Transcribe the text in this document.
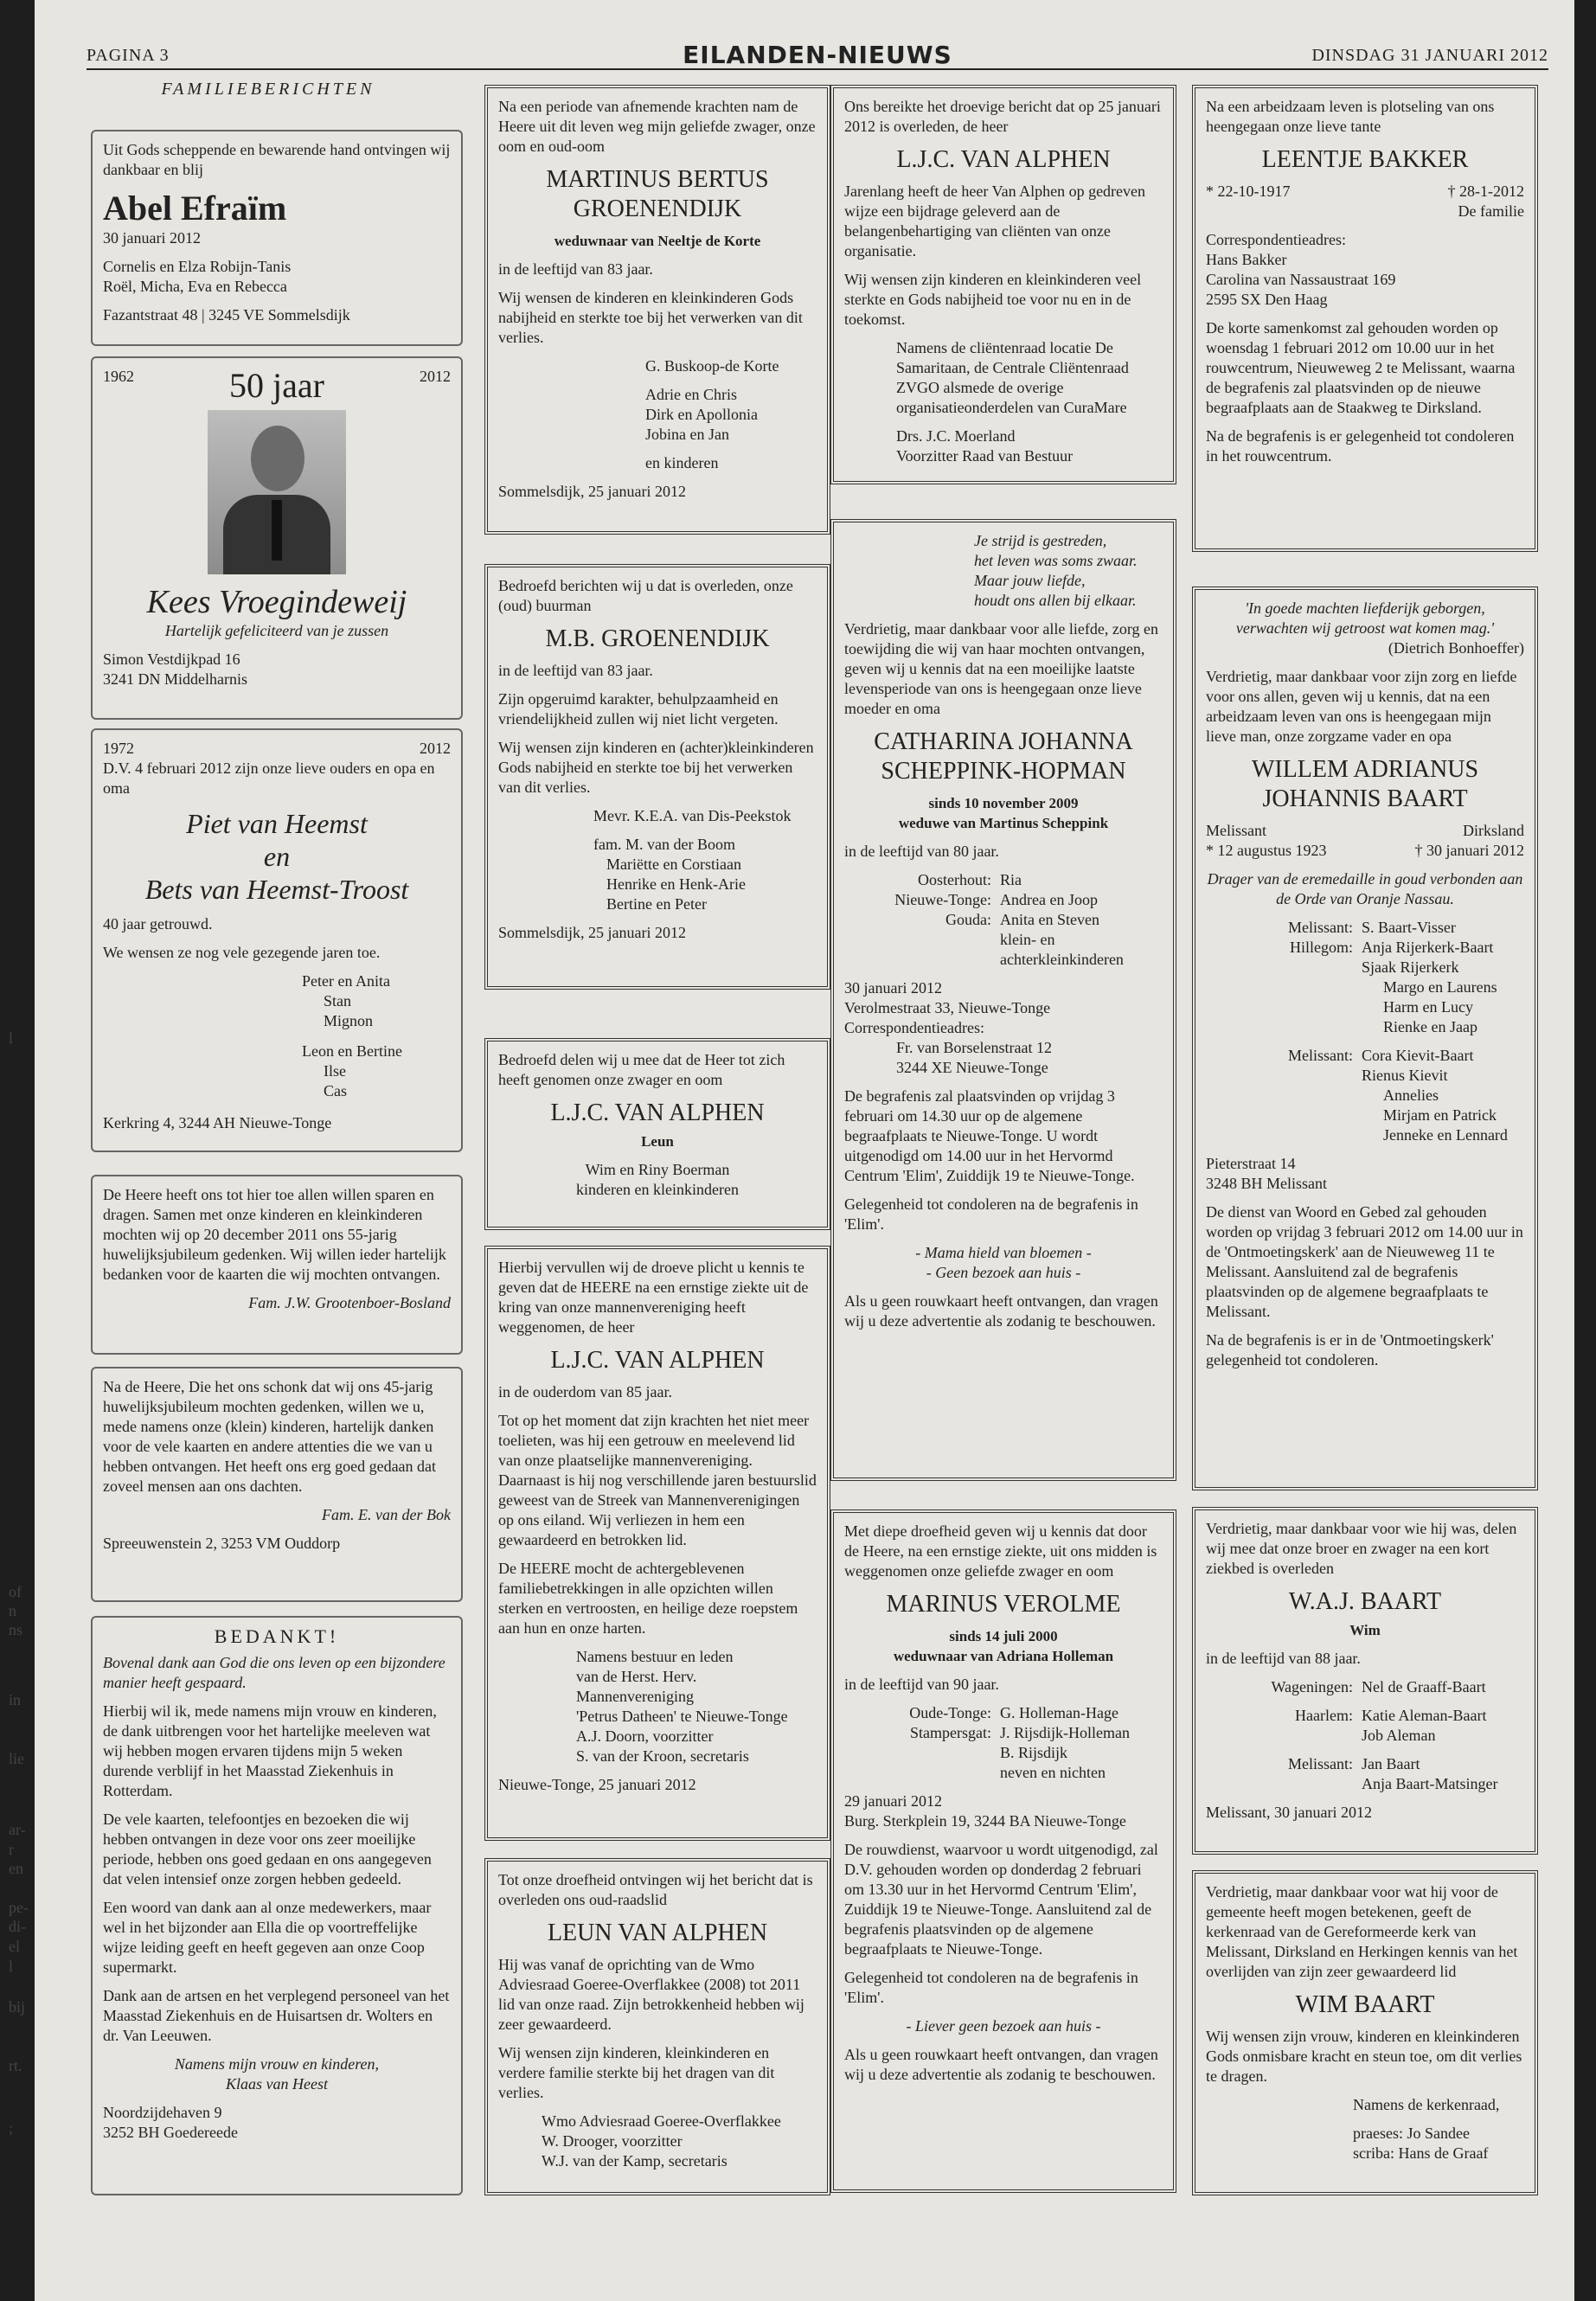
PAGINA 3	EILANDEN-NIEUWS	DINSDAG 31 JANUARI 2012
FAMILIEBERICHTEN

Uit Gods scheppende en bewarende hand ontvingen wij dankbaar en blij

Abel Efraïm

30 januari 2012

Cornelis en Elza Robijn-Tanis

Roël, Micha, Eva en Rebecca

Fazantstraat 48 | 3245 VE Sommelsdijk
1962	50 jaar	2012
Kees Vroegindeweij

Hartelijk gefeliciteerd van je zussen

Simon Vestdijkpad 16
3241 DN Middelharnis
1972	2012

D.V. 4 februari 2012 zijn onze lieve ouders en opa en oma

Piet van Heemst
en
Bets van Heemst-Troost

40 jaar getrouwd.

We wensen ze nog vele gezegende jaren toe.

Peter en Anita
Stan
Mignon
Leon en Bertine
Ilse
Cas
Kerkring 4, 3244 AH Nieuwe-Tonge

De Heere heeft ons tot hier toe allen willen sparen en dragen. Samen met onze kinderen en kleinkinderen mochten wij op 20 december 2011 ons 55-jarig huwelijksjubileum gedenken. Wij willen ieder hartelijk bedanken voor de kaarten die wij mochten ontvangen.

Fam. J.W. Grootenboer-Bosland

Na de Heere, Die het ons schonk dat wij ons 45-jarig huwelijksjubileum mochten gedenken, willen we u, mede namens onze (klein) kinderen, hartelijk danken voor de vele kaarten en andere attenties die we van u hebben ontvangen. Het heeft ons erg goed gedaan dat zoveel mensen aan ons dachten.

Fam. E. van der Bok

Spreeuwenstein 2, 3253 VM Ouddorp
BEDANKT!

Bovenal dank aan God die ons leven op een bijzondere manier heeft gespaard.

Hierbij wil ik, mede namens mijn vrouw en kinderen, de dank uitbrengen voor het hartelijke meeleven wat wij hebben mogen ervaren tijdens mijn 5 weken durende verblijf in het Maasstad Ziekenhuis in Rotterdam.

De vele kaarten, telefoontjes en bezoeken die wij hebben ontvangen in deze voor ons zeer moeilijke periode, hebben ons goed gedaan en ons aangegeven dat velen intensief onze zorgen hebben gedeeld.

Een woord van dank aan al onze medewerkers, maar wel in het bijzonder aan Ella die op voortreffelijke wijze leiding geeft en heeft gegeven aan onze Coop supermarkt.

Dank aan de artsen en het verplegend personeel van het Maasstad Ziekenhuis en de Huisartsen dr. Wolters en dr. Van Leeuwen.

Namens mijn vrouw en kinderen,

Klaas van Heest

Noordzijdehaven 9
3252 BH Goedereede

Na een periode van afnemende krachten nam de Heere uit dit leven weg mijn geliefde zwager, onze oom en oud-oom

MARTINUS BERTUS GROENENDIJK

weduwnaar van Neeltje de Korte

in de leeftijd van 83 jaar.

Wij wensen de kinderen en kleinkinderen Gods nabijheid en sterkte toe bij het verwerken van dit verlies.

G. Buskoop-de Korte

Adrie en Chris
Dirk en Apollonia

Jobina en Jan

en kinderen

Sommelsdijk, 25 januari 2012

Bedroefd berichten wij u dat is overleden, onze (oud) buurman

M.B. GROENENDIJK

in de leeftijd van 83 jaar.

Zijn opgeruimd karakter, behulpzaamheid en vriendelijkheid zullen wij niet licht vergeten.

Wij wensen zijn kinderen en (achter)kleinkinderen Gods nabijheid en sterkte toe bij het verwerken van dit verlies.

Mevr. K.E.A. van Dis-Peekstok

fam. M. van der Boom
Mariëtte en Corstiaan
Henrike en Henk-Arie

Bertine en Peter

Sommelsdijk, 25 januari 2012

Bedroefd delen wij u mee dat de Heer tot zich heeft genomen onze zwager en oom

L.J.C. VAN ALPHEN

Leun

Wim en Riny Boerman
kinderen en kleinkinderen

Hierbij vervullen wij de droeve plicht u kennis te geven dat de HEERE na een ernstige ziekte uit de kring van onze mannenvereniging heeft weggenomen, de heer

L.J.C. VAN ALPHEN

in de ouderdom van 85 jaar.

Tot op het moment dat zijn krachten het niet meer toelieten, was hij een getrouw en meelevend lid van onze plaatselijke mannenvereniging. Daarnaast is hij nog verschillende jaren bestuurslid geweest van de Streek van Mannenverenigingen op ons eiland. Wij verliezen in hem een gewaardeerd en betrokken lid.

De HEERE mocht de achtergeblevenen familiebetrekkingen in alle opzichten willen sterken en vertroosten, en heilige deze roepstem aan hun en onze harten.

Namens bestuur en leden
van de Herst. Herv.
Mannenvereniging
'Petrus Datheen' te Nieuwe-Tonge
A.J. Doorn, voorzitter

S. van der Kroon, secretaris

Nieuwe-Tonge, 25 januari 2012

Tot onze droefheid ontvingen wij het bericht dat is overleden ons oud-raadslid

LEUN VAN ALPHEN

Hij was vanaf de oprichting van de Wmo Adviesraad Goeree-Overflakkee (2008) tot 2011 lid van onze raad. Zijn betrokkenheid hebben wij zeer gewaardeerd.

Wij wensen zijn kinderen, kleinkinderen en verdere familie sterkte bij het dragen van dit verlies.

Wmo Adviesraad Goeree-Overflakkee
W. Drooger, voorzitter
W.J. van der Kamp, secretaris

Ons bereikte het droevige bericht dat op 25 januari 2012 is overleden, de heer

L.J.C. VAN ALPHEN

Jarenlang heeft de heer Van Alphen op gedreven wijze een bijdrage geleverd aan de belangenbehartiging van cliënten van onze organisatie.

Wij wensen zijn kinderen en kleinkinderen veel sterkte en Gods nabijheid toe voor nu en in de toekomst.

Namens de cliëntenraad locatie De Samaritaan, de Centrale Cliëntenraad ZVGO alsmede de overige organisatieonderdelen van CuraMare

Drs. J.C. Moerland
Voorzitter Raad van Bestuur
Je strijd is gestreden,
het leven was soms zwaar.
Maar jouw liefde,

houdt ons allen bij elkaar.

Verdrietig, maar dankbaar voor alle liefde, zorg en toewijding die wij van haar mochten ontvangen, geven wij u kennis dat na een moeilijke laatste levensperiode van ons is heengegaan onze lieve moeder en oma

CATHARINA JOHANNA SCHEPPINK-HOPMAN
sinds 10 november 2009

weduwe van Martinus Scheppink

in de leeftijd van 80 jaar.

Oosterhout: Ria
Nieuwe-Tonge: Andrea en Joop
Gouda: Anita en Steven

klein- en achterkleinkinderen

30 januari 2012
Verolmestraat 33, Nieuwe-Tonge
Correspondentieadres:
Fr. van Borselenstraat 12

3244 XE Nieuwe-Tonge

De begrafenis zal plaatsvinden op vrijdag 3 februari om 14.30 uur op de algemene begraafplaats te Nieuwe-Tonge. U wordt uitgenodigd om 14.00 uur in het Hervormd Centrum 'Elim', Zuiddijk 19 te Nieuwe-Tonge.

Gelegenheid tot condoleren na de begrafenis in 'Elim'.

- Mama hield van bloemen -

- Geen bezoek aan huis -

Als u geen rouwkaart heeft ontvangen, dan vragen wij u deze advertentie als zodanig te beschouwen.

Met diepe droefheid geven wij u kennis dat door de Heere, na een ernstige ziekte, uit ons midden is weggenomen onze geliefde zwager en oom

MARINUS VEROLME
sinds 14 juli 2000

weduwnaar van Adriana Holleman

in de leeftijd van 90 jaar.

Oude-Tonge: G. Holleman-Hage
Stampersgat: J. Rijsdijk-Holleman
B. Rijsdijk

neven en nichten

29 januari 2012

Burg. Sterkplein 19, 3244 BA Nieuwe-Tonge

De rouwdienst, waarvoor u wordt uitgenodigd, zal D.V. gehouden worden op donderdag 2 februari om 13.30 uur in het Hervormd Centrum 'Elim', Zuiddijk 19 te Nieuwe-Tonge. Aansluitend zal de begrafenis plaatsvinden op de algemene begraafplaats te Nieuwe-Tonge.

Gelegenheid tot condoleren na de begrafenis in 'Elim'.

- Liever geen bezoek aan huis -

Als u geen rouwkaart heeft ontvangen, dan vragen wij u deze advertentie als zodanig te beschouwen.

Na een arbeidzaam leven is plotseling van ons heengegaan onze lieve tante

LEENTJE BAKKER
* 22-10-1917	† 28-1-2012

De familie

Correspondentieadres:
Hans Bakker
Carolina van Nassaustraat 169

2595 SX Den Haag

De korte samenkomst zal gehouden worden op woensdag 1 februari 2012 om 10.00 uur in het rouwcentrum, Nieuweweg 2 te Melissant, waarna de begrafenis zal plaatsvinden op de nieuwe begraafplaats aan de Staakweg te Dirksland.

Na de begrafenis is er gelegenheid tot condoleren in het rouwcentrum.

'In goede machten liefderijk geborgen,
verwachten wij getroost wat komen mag.'

(Dietrich Bonhoeffer)

Verdrietig, maar dankbaar voor zijn zorg en liefde voor ons allen, geven wij u kennis, dat na een arbeidzaam leven van ons is heengegaan mijn lieve man, onze zorgzame vader en opa

WILLEM ADRIANUS JOHANNIS BAART
Melissant	Dirksland

* 12 augustus 1923	† 30 januari 2012

Drager van de eremedaille in goud verbonden aan de Orde van Oranje Nassau.

Melissant: S. Baart-Visser
Hillegom: Anja Rijerkerk-Baart
Sjaak Rijerkerk
Margo en Laurens
Harm en Lucy

Rienke en Jaap

Melissant: Cora Kievit-Baart
Rienus Kievit
Annelies
Mirjam en Patrick

Jenneke en Lennard

Pieterstraat 14

3248 BH Melissant

De dienst van Woord en Gebed zal gehouden worden op vrijdag 3 februari 2012 om 14.00 uur in de 'Ontmoetingskerk' aan de Nieuweweg 11 te Melissant. Aansluitend zal de begrafenis plaatsvinden op de algemene begraafplaats te Melissant.

Na de begrafenis is er in de 'Ontmoetingskerk' gelegenheid tot condoleren.

Verdrietig, maar dankbaar voor wie hij was, delen wij mee dat onze broer en zwager na een kort ziekbed is overleden

W.A.J. BAART

Wim

in de leeftijd van 88 jaar.

Wageningen: Nel de Graaff-Baart

Haarlem: Katie Aleman-Baart

Job Aleman

Melissant: Jan Baart

Anja Baart-Matsinger

Melissant, 30 januari 2012

Verdrietig, maar dankbaar voor wat hij voor de gemeente heeft mogen betekenen, geeft de kerkenraad van de Gereformeerde kerk van Melissant, Dirksland en Herkingen kennis van het overlijden van zijn zeer gewaardeerd lid

WIM BAART

Wij wensen zijn vrouw, kinderen en kleinkinderen Gods onmisbare kracht en steun toe, om dit verlies te dragen.

Namens de kerkenraad,

praeses: Jo Sandee
scriba: Hans de Graaf
l
of
n
ns
in
lie
ar-
r
en
pe-
di-
el
l
bij
rt.
;
